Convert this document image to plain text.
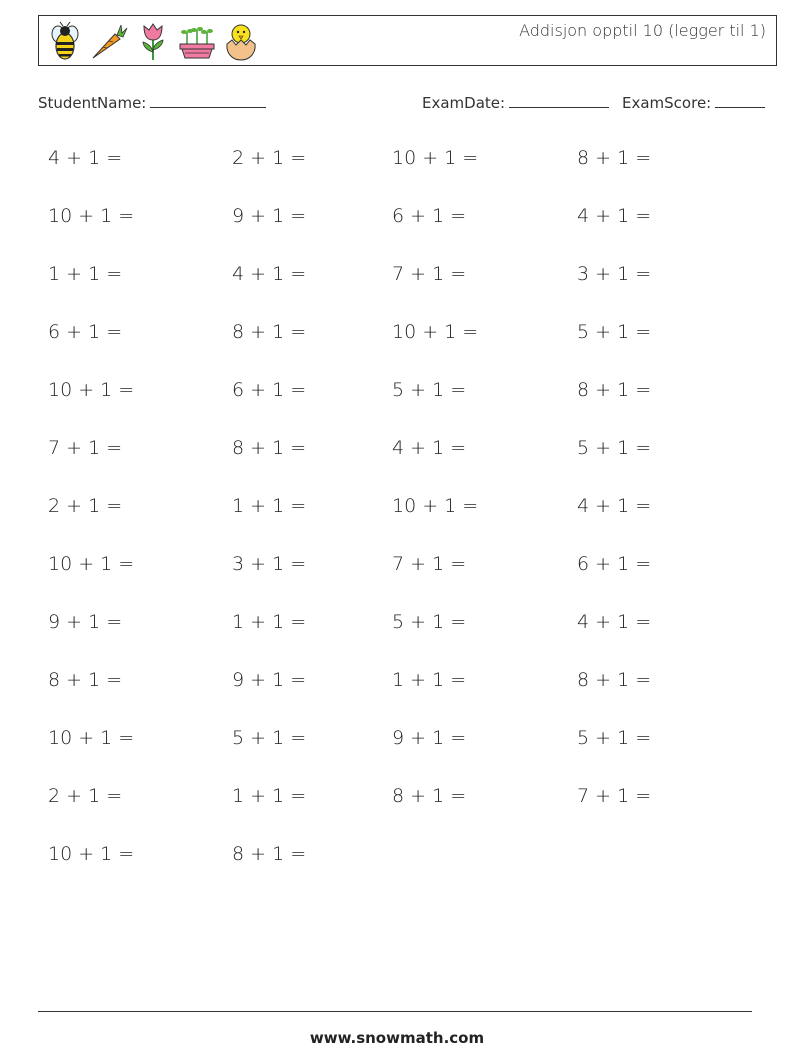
Addisjon opptil 10 (legger til 1)
StudentName:	ExamDate:	ExamScore:
4 + 1 =	2 + 1 =	10 + 1 =	8 + 1 =
10 + 1 =	9 + 1 =	6 + 1 =	4 + 1 =
1 + 1 =	4 + 1 =	7 + 1 =	3 + 1 =
6 + 1 =	8 + 1 =	10 + 1 =	5 + 1 =
10 + 1 =	6 + 1 =	5 + 1 =	8 + 1 =
7 + 1 =	8 + 1 =	4 + 1 =	5 + 1 =
2 + 1 =	1 + 1 =	10 + 1 =	4 + 1 =
10 + 1 =	3 + 1 =	7 + 1 =	6 + 1 =
9 + 1 =	1 + 1 =	5 + 1 =	4 + 1 =
8 + 1 =	9 + 1 =	1 + 1 =	8 + 1 =
10 + 1 =	5 + 1 =	9 + 1 =	5 + 1 =
2 + 1 =	1 + 1 =	8 + 1 =	7 + 1 =
10 + 1 =	8 + 1 =
www.snowmath.com
